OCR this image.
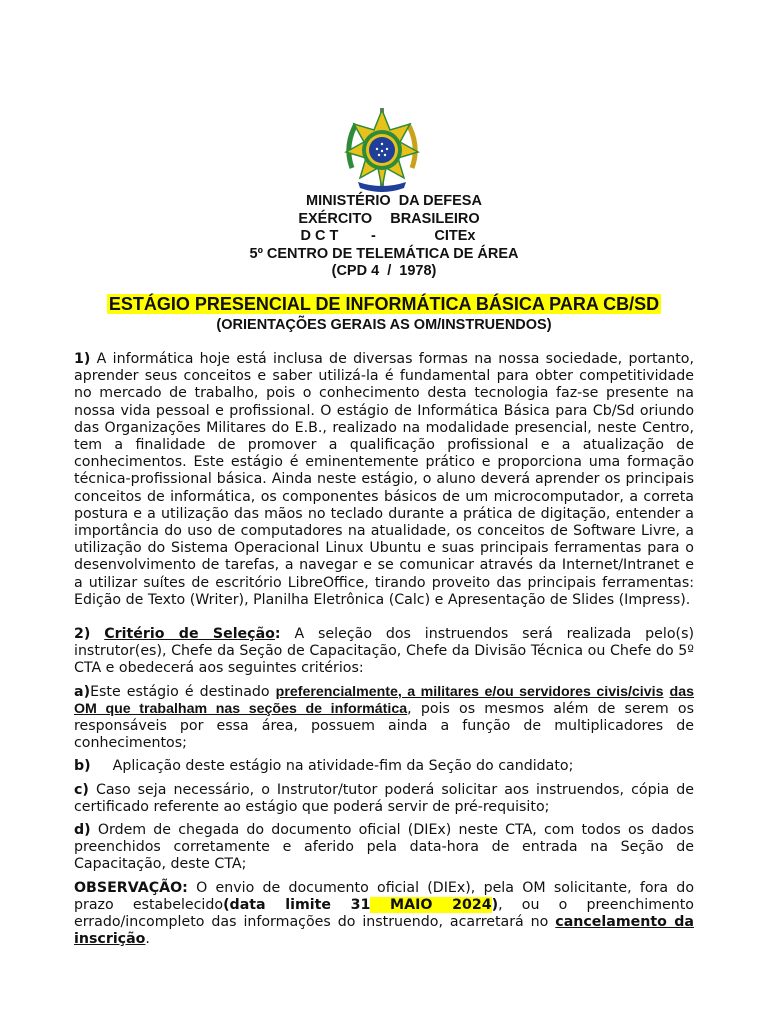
MINISTÉRIO  DA DEFESA
EXÉRCITO BRASILEIRO
D C T -	CITEx
5º CENTRO DE TELEMÁTICA DE ÁREA
(CPD 4  /  1978)
ESTÁGIO PRESENCIAL DE INFORMÁTICA BÁSICA PARA CB/SD
(ORIENTAÇÕES GERAIS AS OM/INSTRUENDOS)

1) A informática hoje está inclusa de diversas formas na nossa sociedade, portanto, aprender seus conceitos e saber utilizá-la é fundamental para obter competitividade no mercado de trabalho, pois o conhecimento desta tecnologia faz-se presente na nossa vida pessoal e profissional. O estágio de Informática Básica para Cb/Sd oriundo das Organizações Militares do E.B., realizado na modalidade presencial, neste Centro, tem a finalidade de promover a qualificação profissional e a atualização de conhecimentos. Este estágio é eminentemente prático e proporciona uma formação técnica-profissional básica. Ainda neste estágio, o aluno deverá aprender os principais conceitos de informática, os componentes básicos de um microcomputador, a correta postura e a utilização das mãos no teclado durante a prática de digitação, entender a importância do uso de computadores na atualidade, os conceitos de Software Livre, a utilização do Sistema Operacional Linux Ubuntu e suas principais ferramentas para o desenvolvimento de tarefas, a navegar e se comunicar através da Internet/Intranet e a utilizar suítes de escritório LibreOffice, tirando proveito das principais ferramentas: Edição de Texto (Writer), Planilha Eletrônica (Calc) e Apresentação de Slides (Impress).

2) Critério de Seleção: A seleção dos instruendos será realizada pelo(s) instrutor(es), Chefe da Seção de Capacitação, Chefe da Divisão Técnica ou Chefe do 5º CTA e obedecerá aos seguintes critérios:

a)Este estágio é destinado preferencialmente, a militares e/ou servidores civis/civis das OM que trabalham nas seções de informática, pois os mesmos além de serem os responsáveis por essa área, possuem ainda a função de multiplicadores de conhecimentos;

b) Aplicação deste estágio na atividade-fim da Seção do candidato;

c) Caso seja necessário, o Instrutor/tutor poderá solicitar aos instruendos, cópia de certificado referente ao estágio que poderá servir de pré-requisito;

d) Ordem de chegada do documento oficial (DIEx) neste CTA, com todos os dados preenchidos corretamente e aferido pela data-hora de entrada na Seção de Capacitação, deste CTA;

OBSERVAÇÃO: O envio de documento oficial (DIEx), pela OM solicitante, fora do prazo estabelecido(data limite 31 MAIO 2024), ou o preenchimento errado/incompleto das informações do instruendo, acarretará no cancelamento da inscrição.
